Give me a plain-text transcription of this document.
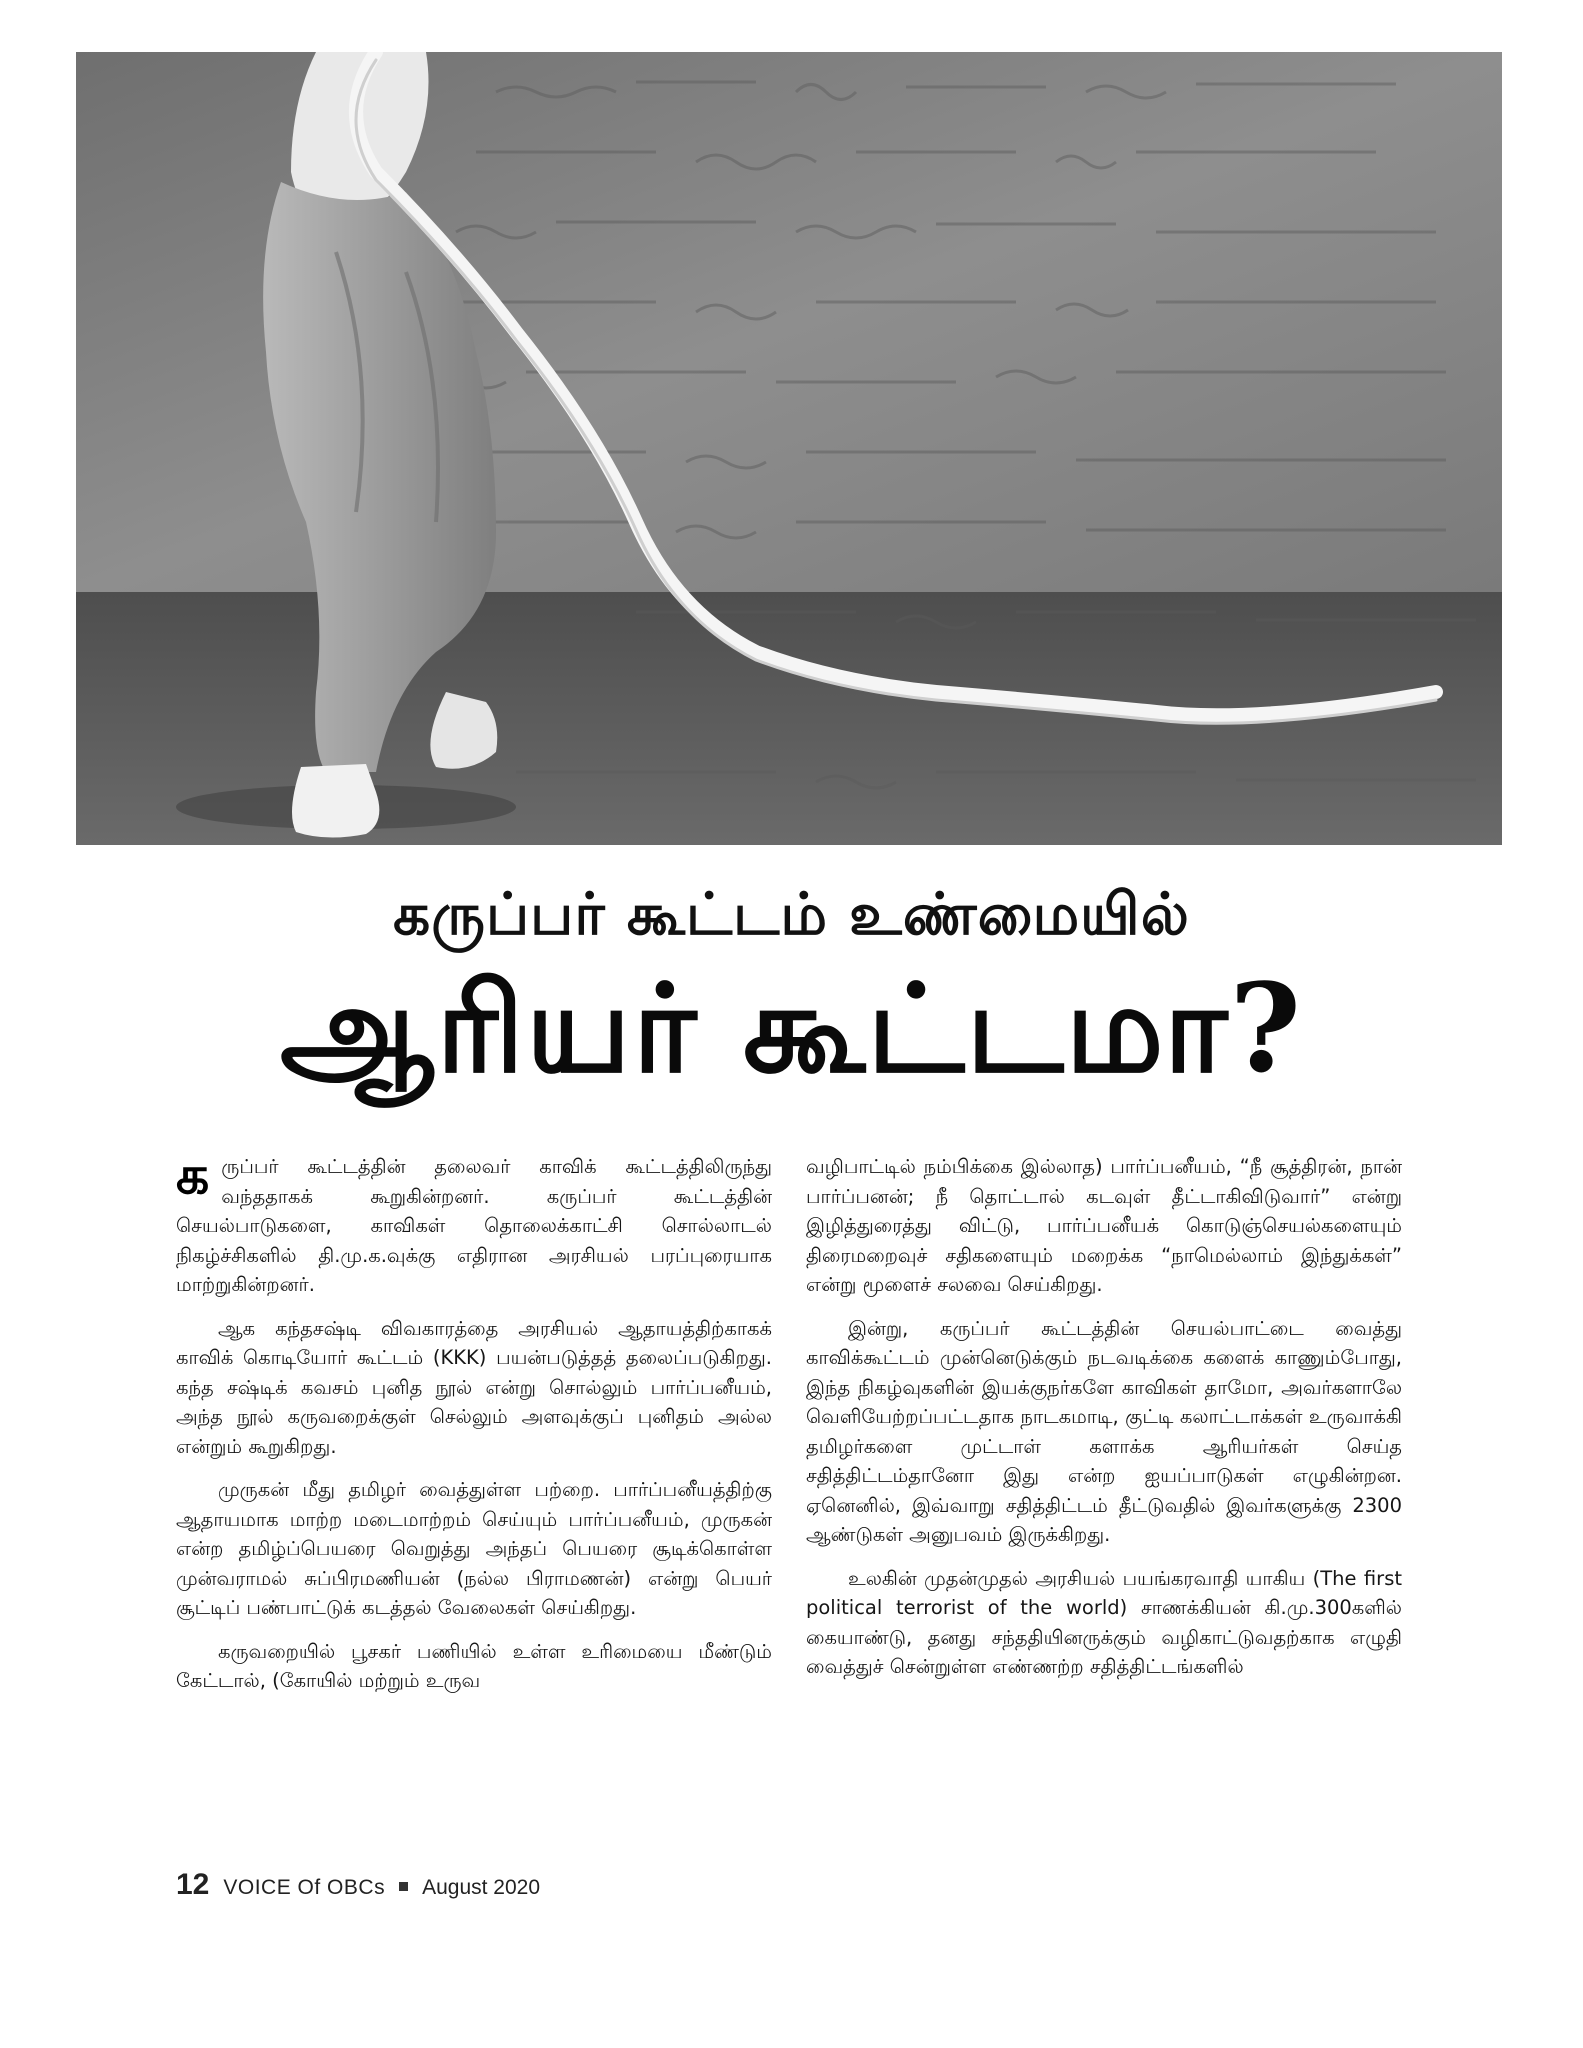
கருப்பர் கூட்டம் உண்மையில்
ஆரியர் கூட்டமா?

கருப்பர் கூட்டத்தின் தலைவர் காவிக் கூட்டத்திலிருந்து வந்ததாகக் கூறுகின்றனர். கருப்பர் கூட்டத்தின் செயல்பாடுகளை, காவிகள் தொலைக்காட்சி சொல்லாடல் நிகழ்ச்சிகளில் தி.மு.க.வுக்கு எதிரான அரசியல் பரப்புரையாக மாற்றுகின்றனர்.

ஆக கந்தசஷ்டி விவகாரத்தை அரசியல் ஆதாயத்திற்காகக் காவிக் கொடியோர் கூட்டம் (KKK) பயன்படுத்தத் தலைப்படுகிறது. கந்த சஷ்டிக் கவசம் புனித நூல் என்று சொல்லும் பார்ப்பனீயம், அந்த நூல் கருவறைக்குள் செல்லும் அளவுக்குப் புனிதம் அல்ல என்றும் கூறுகிறது.

முருகன் மீது தமிழர் வைத்துள்ள பற்றை. பார்ப்பனீயத்திற்கு ஆதாயமாக மாற்ற மடைமாற்றம் செய்யும் பார்ப்பனீயம், முருகன் என்ற தமிழ்ப்பெயரை வெறுத்து அந்தப் பெயரை சூடிக்கொள்ள முன்வராமல் சுப்பிரமணியன் (நல்ல பிராமணன்) என்று பெயர் சூட்டிப் பண்பாட்டுக் கடத்தல் வேலைகள் செய்கிறது.

கருவறையில் பூசகர் பணியில் உள்ள உரிமையை மீண்டும் கேட்டால், (கோயில் மற்றும் உருவ

வழிபாட்டில் நம்பிக்கை இல்லாத) பார்ப்பனீயம், “நீ சூத்திரன், நான் பார்ப்பனன்; நீ தொட்டால் கடவுள் தீட்டாகிவிடுவார்” என்று இழித்துரைத்து விட்டு, பார்ப்பனீயக் கொடுஞ்செயல்களையும் திரைமறைவுச் சதிகளையும் மறைக்க “நாமெல்லாம் இந்துக்கள்” என்று மூளைச் சலவை செய்கிறது.

இன்று, கருப்பர் கூட்டத்தின் செயல்பாட்டை வைத்து காவிக்கூட்டம் முன்னெடுக்கும் நடவடிக்கை களைக் காணும்போது, இந்த நிகழ்வுகளின் இயக்குநர்களே காவிகள் தாமோ, அவர்களாலே வெளியேற்றப்பட்டதாக நாடகமாடி, குட்டி கலாட்டாக்கள் உருவாக்கி தமிழர்களை முட்டாள் களாக்க ஆரியர்கள் செய்த சதித்திட்டம்தானோ இது என்ற ஐயப்பாடுகள் எழுகின்றன. ஏனெனில், இவ்வாறு சதித்திட்டம் தீட்டுவதில் இவர்களுக்கு 2300 ஆண்டுகள் அனுபவம் இருக்கிறது.

உலகின் முதன்முதல் அரசியல் பயங்கரவாதி யாகிய (The first political terrorist of the world) சாணக்கியன் கி.மு.300களில் கையாண்டு, தனது சந்ததியினருக்கும் வழிகாட்டுவதற்காக எழுதி வைத்துச் சென்றுள்ள எண்ணற்ற சதித்திட்டங்களில்

12 VOICE Of OBCs August 2020
